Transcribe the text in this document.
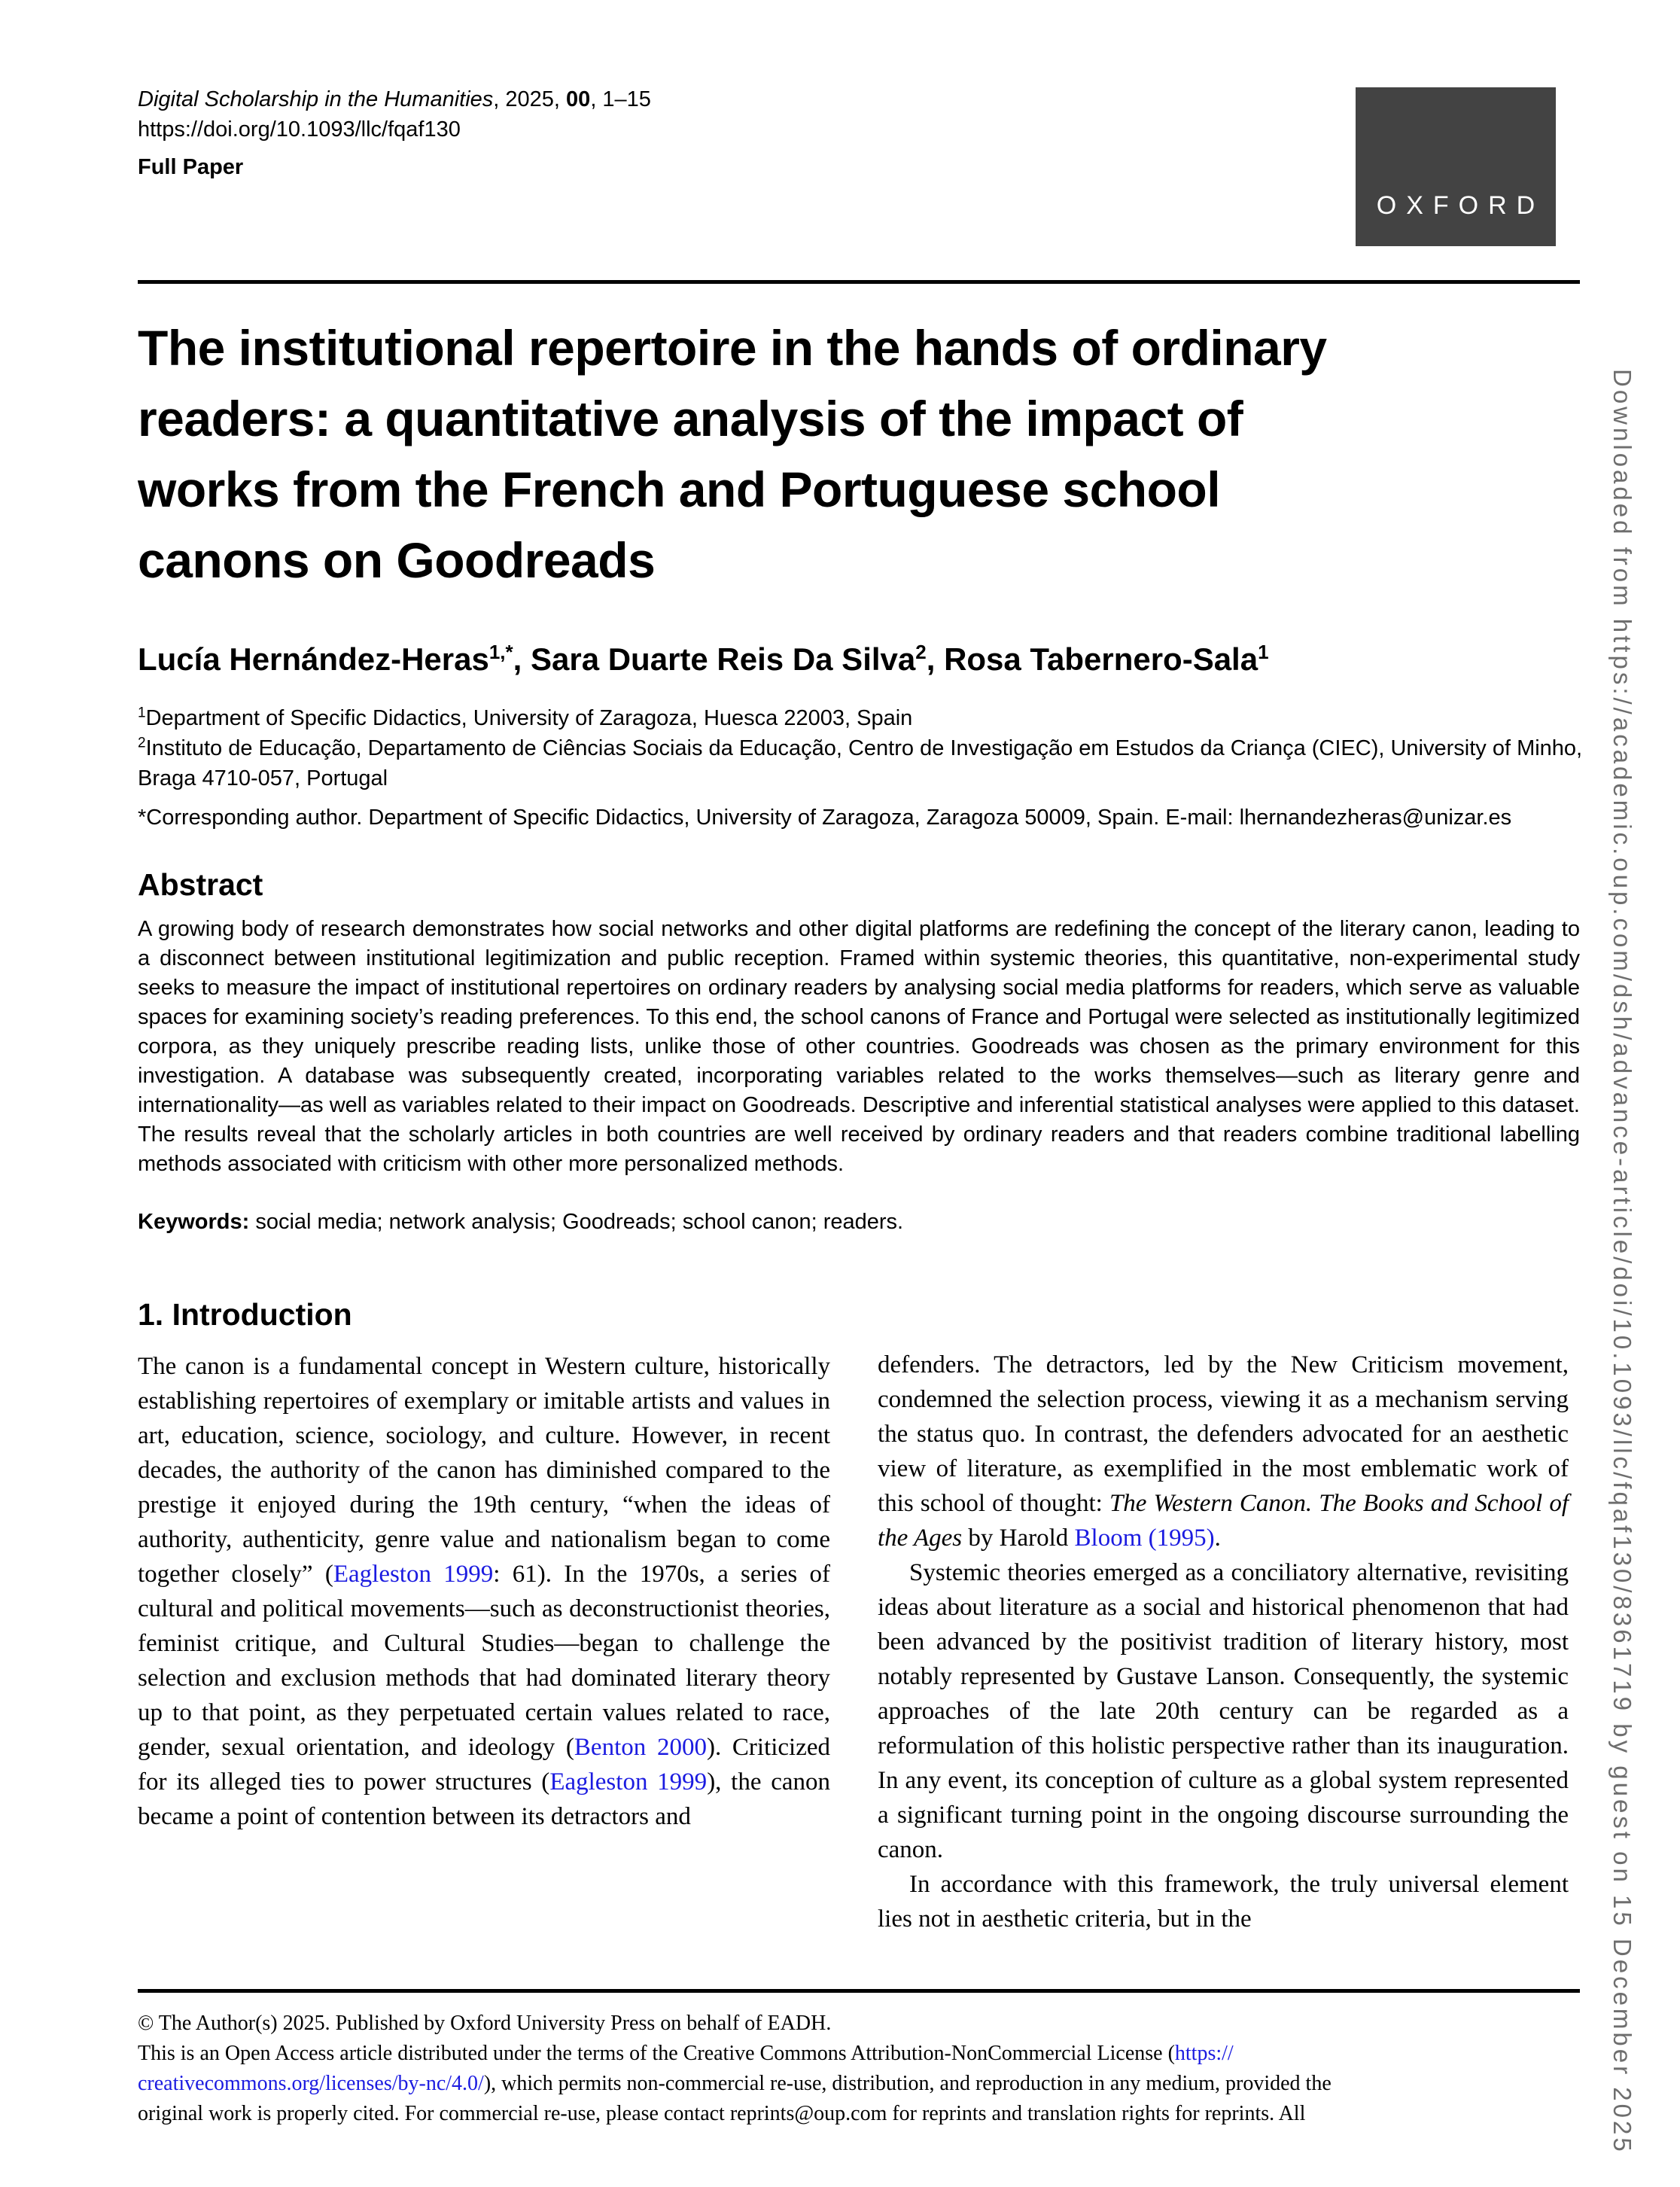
Digital Scholarship in the Humanities, 2025, 00, 1–15
https://doi.org/10.1093/llc/fqaf130
Full Paper
OXFORD
The institutional repertoire in the hands of ordinary
readers: a quantitative analysis of the impact of
works from the French and Portuguese school
canons on Goodreads
Lucía Hernández-Heras$^{1,*}$, Sara Duarte Reis Da Silva$^2$, Rosa Tabernero-Sala$^1$
$^1$Department of Specific Didactics, University of Zaragoza, Huesca 22003, Spain
$^2$Instituto de Educação, Departamento de Ciências Sociais da Educação, Centro de Investigação em Estudos da Criança (CIEC), University of Minho, Braga 4710-057, Portugal
*Corresponding author. Department of Specific Didactics, University of Zaragoza, Zaragoza 50009, Spain. E-mail: lhernandezheras@unizar.es
Abstract
A growing body of research demonstrates how social networks and other digital platforms are redefining the concept of the literary canon, leading to a disconnect between institutional legitimization and public reception. Framed within systemic theories, this quantitative, non-experimental study seeks to measure the impact of institutional repertoires on ordinary readers by analysing social media platforms for readers, which serve as valuable spaces for examining society’s reading preferences. To this end, the school canons of France and Portugal were selected as institutionally legitimized corpora, as they uniquely prescribe reading lists, unlike those of other countries. Goodreads was chosen as the primary environment for this investigation. A database was subsequently created, incorporating variables related to the works themselves—such as literary genre and internationality—as well as variables related to their impact on Goodreads. Descriptive and inferential statistical analyses were applied to this dataset. The results reveal that the scholarly articles in both countries are well received by ordinary readers and that readers combine traditional labelling methods associated with criticism with other more personalized methods.
Keywords: social media; network analysis; Goodreads; school canon; readers.
1. Introduction

The canon is a fundamental concept in Western culture, historically establishing repertoires of exemplary or imitable artists and values in art, education, science, sociology, and culture. However, in recent decades, the authority of the canon has diminished compared to the prestige it enjoyed during the 19th century, “when the ideas of authority, authenticity, genre value and nationalism began to come together closely” (Eagleston 1999: 61). In the 1970s, a series of cultural and political movements—such as deconstructionist theories, feminist critique, and Cultural Studies—began to challenge the selection and exclusion methods that had dominated literary theory up to that point, as they perpetuated certain values related to race, gender, sexual orientation, and ideology (Benton 2000). Criticized for its alleged ties to power structures (Eagleston 1999), the canon became a point of contention between its detractors and

defenders. The detractors, led by the New Criticism movement, condemned the selection process, viewing it as a mechanism serving the status quo. In contrast, the defenders advocated for an aesthetic view of literature, as exemplified in the most emblematic work of this school of thought: The Western Canon. The Books and School of the Ages by Harold Bloom (1995).

Systemic theories emerged as a conciliatory alternative, revisiting ideas about literature as a social and historical phenomenon that had been advanced by the positivist tradition of literary history, most notably represented by Gustave Lanson. Consequently, the systemic approaches of the late 20th century can be regarded as a reformulation of this holistic perspective rather than its inauguration. In any event, its conception of culture as a global system represented a significant turning point in the ongoing discourse surrounding the canon.

In accordance with this framework, the truly universal element lies not in aesthetic criteria, but in the

© The Author(s) 2025. Published by Oxford University Press on behalf of EADH.
This is an Open Access article distributed under the terms of the Creative Commons Attribution-NonCommercial License (https://
creativecommons.org/licenses/by-nc/4.0/), which permits non-commercial re-use, distribution, and reproduction in any medium, provided the
original work is properly cited. For commercial re-use, please contact reprints@oup.com for reprints and translation rights for reprints. All	Downloaded from https://academic.oup.com/dsh/advance-article/doi/10.1093/llc/fqaf130/8361719 by guest on 15 December 2025
